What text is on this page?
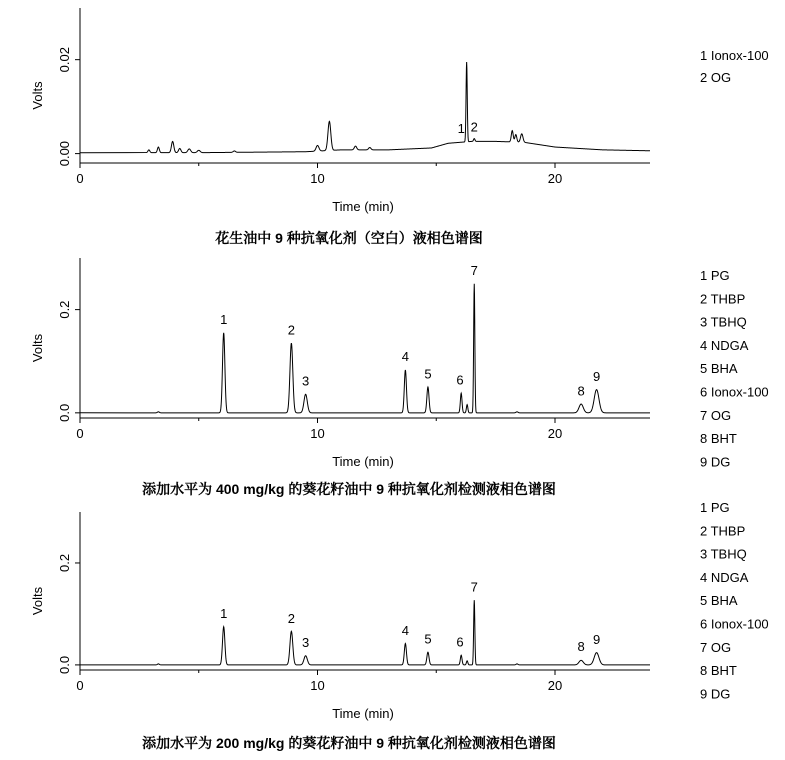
0	10	20
0.00
0.02
Time (min)
Volts
1 2
1 Ionox-100
2 OG
花生油中 9 种抗氧化剂（空白）液相色谱图
0	10	20
0.0
0.2
Time (min)
Volts
1
2
3
4
5 6
7
8
9
1 PG
2 THBP
3 TBHQ
4 NDGA
5 BHA
6 Ionox-100
7 OG
8 BHT
9 DG
添加水平为 400 mg/kg 的葵花籽油中 9 种抗氧化剂检测液相色谱图
0	10	20
0.0
0.2
Time (min)
Volts	1	2
3
4
5 6
7
8 9
1 PG
2 THBP
3 TBHQ
4 NDGA
5 BHA
6 Ionox-100
7 OG
8 BHT
9 DG
添加水平为 200 mg/kg 的葵花籽油中 9 种抗氧化剂检测液相色谱图
